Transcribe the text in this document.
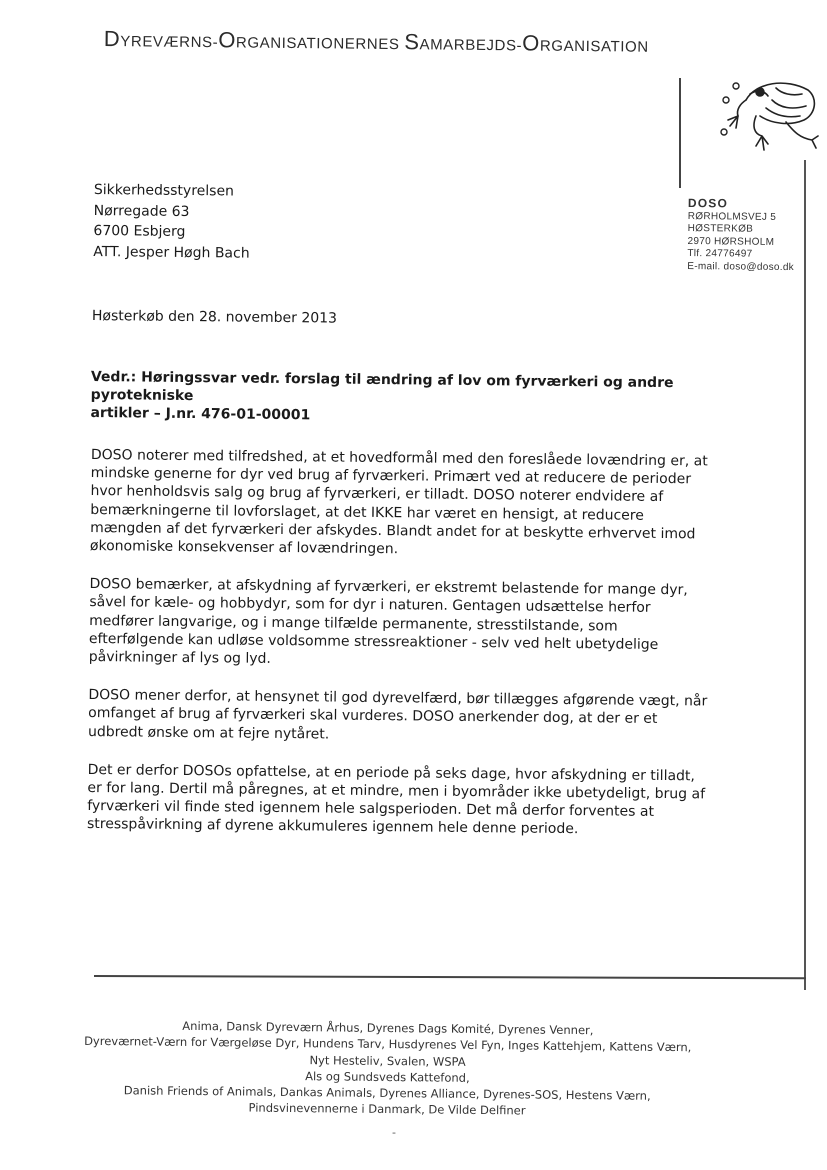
DYREVÆRNS-ORGANISATIONERNES SAMARBEJDS-ORGANISATION
Sikkerhedsstyrelsen
Nørregade 63
6700 Esbjerg
ATT. Jesper Høgh Bach
DOSO
RØRHOLMSVEJ 5
HØSTERKØB
2970 HØRSHOLM
Tlf. 24776497
E-mail. doso@doso.dk
Høsterkøb den 28. november 2013
Vedr.: Høringssvar vedr. forslag til ændring af lov om fyrværkeri og andre pyrotekniske
artikler – J.nr. 476-01-00001

DOSO noterer med tilfredshed, at et hovedformål med den foreslåede lovændring er, at mindske generne for dyr ved brug af fyrværkeri. Primært ved at reducere de perioder hvor henholdsvis salg og brug af fyrværkeri, er tilladt. DOSO noterer endvidere af bemærkningerne til lovforslaget, at det IKKE har været en hensigt, at reducere mængden af det fyrværkeri der afskydes. Blandt andet for at beskytte erhvervet imod økonomiske konsekvenser af lovændringen.

DOSO bemærker, at afskydning af fyrværkeri, er ekstremt belastende for mange dyr, såvel for kæle- og hobbydyr, som for dyr i naturen. Gentagen udsættelse herfor medfører langvarige, og i mange tilfælde permanente, stresstilstande, som efterfølgende kan udløse voldsomme stressreaktioner - selv ved helt ubetydelige påvirkninger af lys og lyd.

DOSO mener derfor, at hensynet til god dyrevelfærd, bør tillægges afgørende vægt, når omfanget af brug af fyrværkeri skal vurderes. DOSO anerkender dog, at der er et udbredt ønske om at fejre nytåret.

Det er derfor DOSOs opfattelse, at en periode på seks dage, hvor afskydning er tilladt, er for lang. Dertil må påregnes, at et mindre, men i byområder ikke ubetydeligt, brug af fyrværkeri vil finde sted igennem hele salgsperioden. Det må derfor forventes at stresspåvirkning af dyrene akkumuleres igennem hele denne periode.

Anima, Dansk Dyreværn Århus, Dyrenes Dags Komité, Dyrenes Venner,
Dyreværnet-Værn for Værgeløse Dyr, Hundens Tarv, Husdyrenes Vel Fyn, Inges Kattehjem, Kattens Værn,
Nyt Hesteliv, Svalen, WSPA
Als og Sundsveds Kattefond,
Danish Friends of Animals, Dankas Animals, Dyrenes Alliance, Dyrenes-SOS, Hestens Værn,
Pindsvinevennerne i Danmark, De Vilde Delfiner
-
